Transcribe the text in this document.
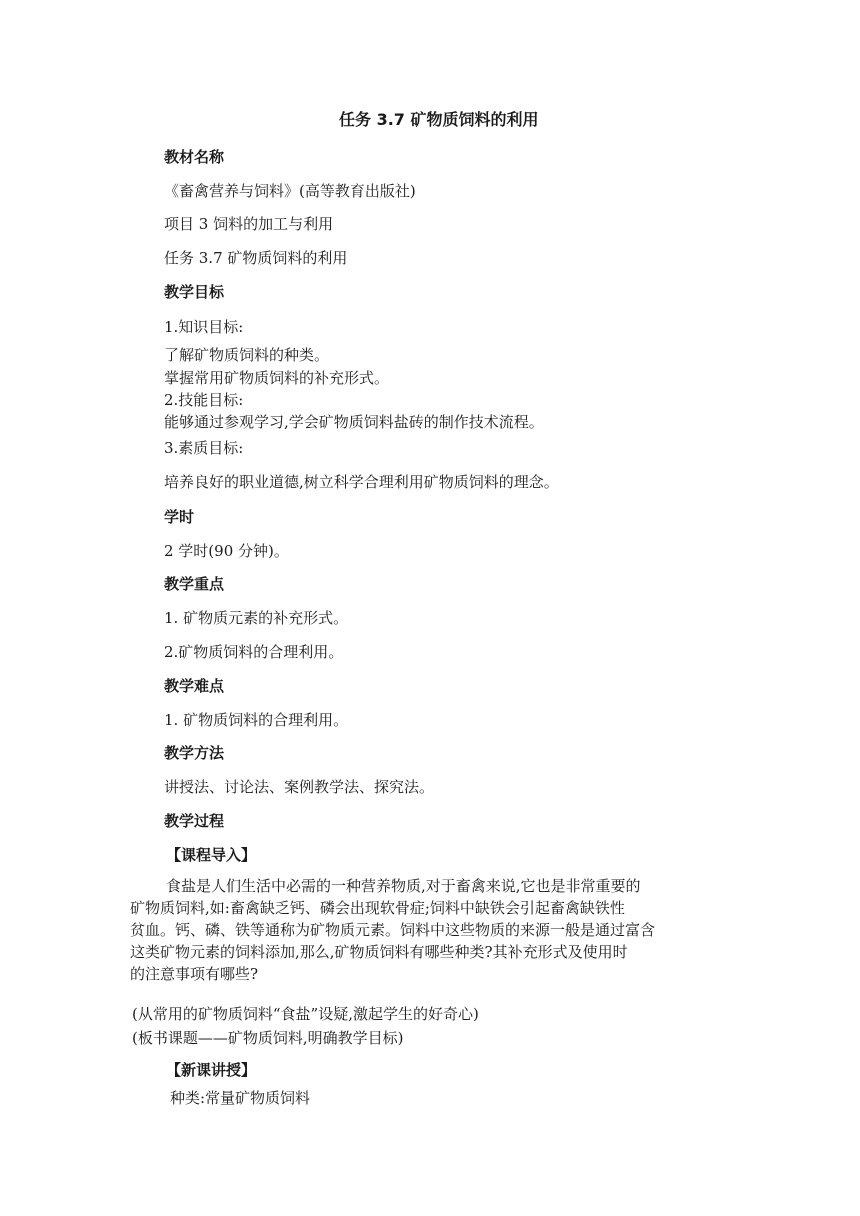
任务 3.7 矿物质饲料的利用
教材名称
《畜禽营养与饲料》(高等教育出版社)
项目 3 饲料的加工与利用
任务 3.7 矿物质饲料的利用
教学目标
1.知识目标:
了解矿物质饲料的种类。
掌握常用矿物质饲料的补充形式。
2.技能目标:
能够通过参观学习,学会矿物质饲料盐砖的制作技术流程。
3.素质目标:
培养良好的职业道德,树立科学合理利用矿物质饲料的理念。
学时
2 学时(90 分钟)。
教学重点
1. 矿物质元素的补充形式。
2.矿物质饲料的合理利用。
教学难点
1. 矿物质饲料的合理利用。
教学方法
讲授法、讨论法、案例教学法、探究法。
教学过程
【课程导入】
食盐是人们生活中必需的一种营养物质,对于畜禽来说,它也是非常重要的
矿物质饲料,如:畜禽缺乏钙、磷会出现软骨症;饲料中缺铁会引起畜禽缺铁性
贫血。钙、磷、铁等通称为矿物质元素。饲料中这些物质的来源一般是通过富含
这类矿物元素的饲料添加,那么,矿物质饲料有哪些种类?其补充形式及使用时
的注意事项有哪些?
(从常用的矿物质饲料“食盐”设疑,激起学生的好奇心)
(板书课题——矿物质饲料,明确教学目标)
【新课讲授】
种类:常量矿物质饲料
